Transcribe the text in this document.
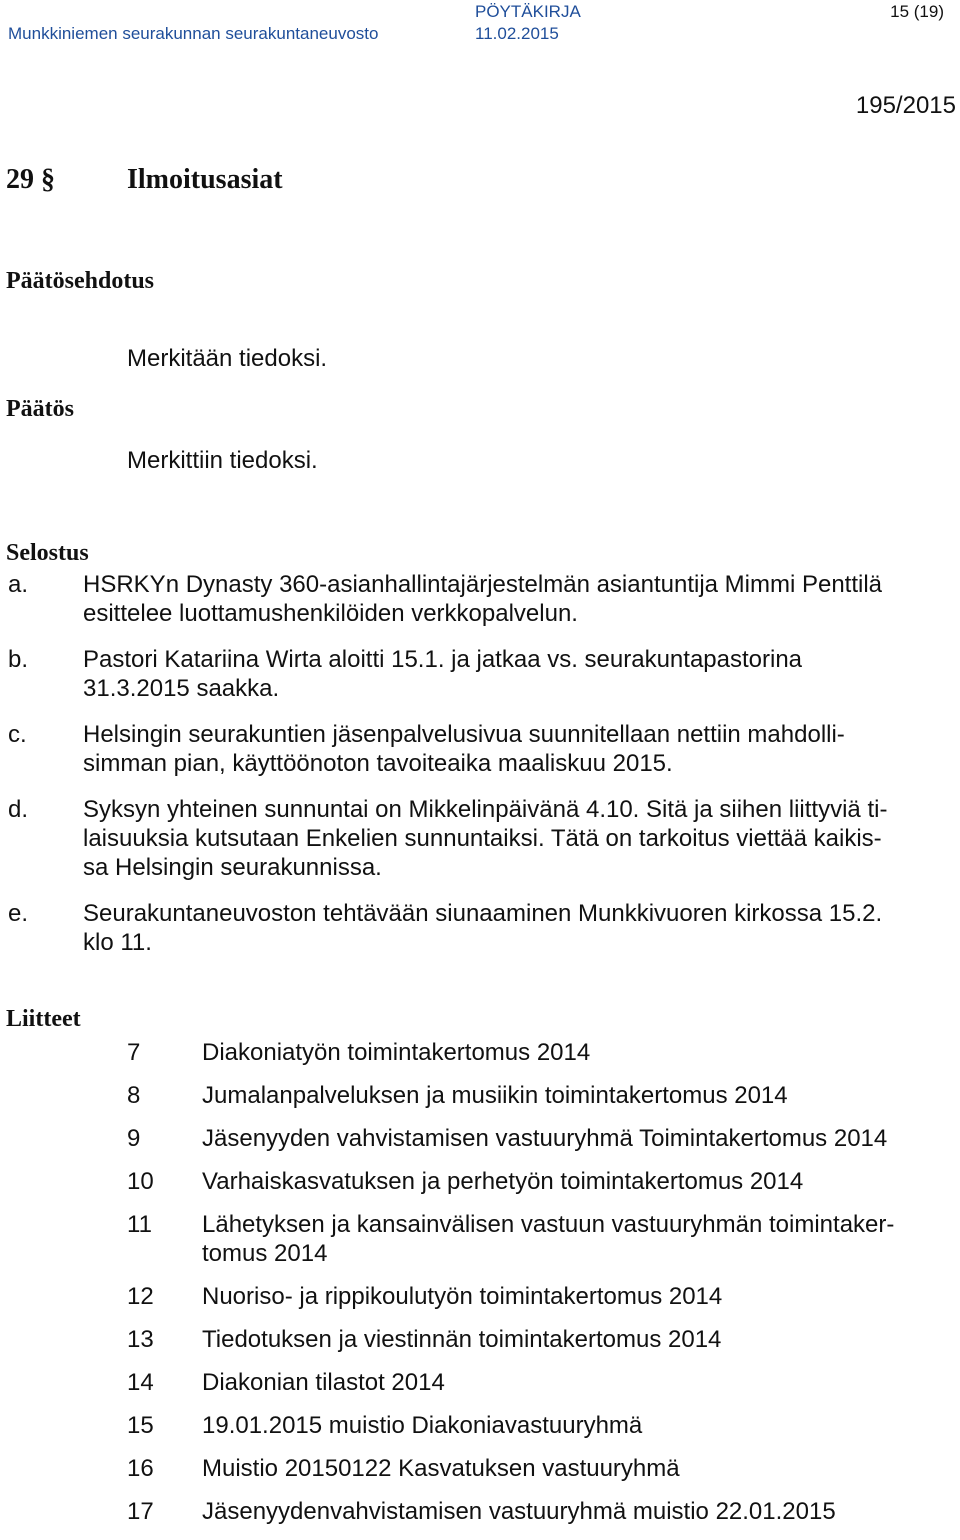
Munkkiniemen seurakunnan seurakuntaneuvosto
PÖYTÄKIRJA
11.02.2015
15 (19)
195/2015
29 §	Ilmoitusasiat
Päätösehdotus
Merkitään tiedoksi.
Päätös
Merkittiin tiedoksi.
Selostus
a.	HSRKYn Dynasty 360-asianhallintajärjestelmän asiantuntija Mimmi Penttilä
esittelee luottamushenkilöiden verkkopalvelun.
b.	Pastori Katariina Wirta aloitti 15.1. ja jatkaa vs. seurakuntapastorina
31.3.2015 saakka.
c.	Helsingin seurakuntien jäsenpalvelusivua suunnitellaan nettiin mahdolli-
simman pian, käyttöönoton tavoiteaika maaliskuu 2015.
d.	Syksyn yhteinen sunnuntai on Mikkelinpäivänä 4.10. Sitä ja siihen liittyviä ti-
laisuuksia kutsutaan Enkelien sunnuntaiksi. Tätä on tarkoitus viettää kaikis-
sa Helsingin seurakunnissa.
e.	Seurakuntaneuvoston tehtävään siunaaminen Munkkivuoren kirkossa 15.2.
klo 11.
Liitteet
7	Diakoniatyön toimintakertomus 2014
8	Jumalanpalveluksen ja musiikin toimintakertomus 2014
9	Jäsenyyden vahvistamisen vastuuryhmä Toimintakertomus 2014
10	Varhaiskasvatuksen ja perhetyön toimintakertomus 2014
11	Lähetyksen ja kansainvälisen vastuun vastuuryhmän toimintaker-
tomus 2014
12	Nuoriso- ja rippikoulutyön toimintakertomus 2014
13	Tiedotuksen ja viestinnän toimintakertomus 2014
14	Diakonian tilastot 2014
15	19.01.2015 muistio Diakoniavastuuryhmä
16	Muistio 20150122 Kasvatuksen vastuuryhmä
17	Jäsenyydenvahvistamisen vastuuryhmä muistio 22.01.2015
